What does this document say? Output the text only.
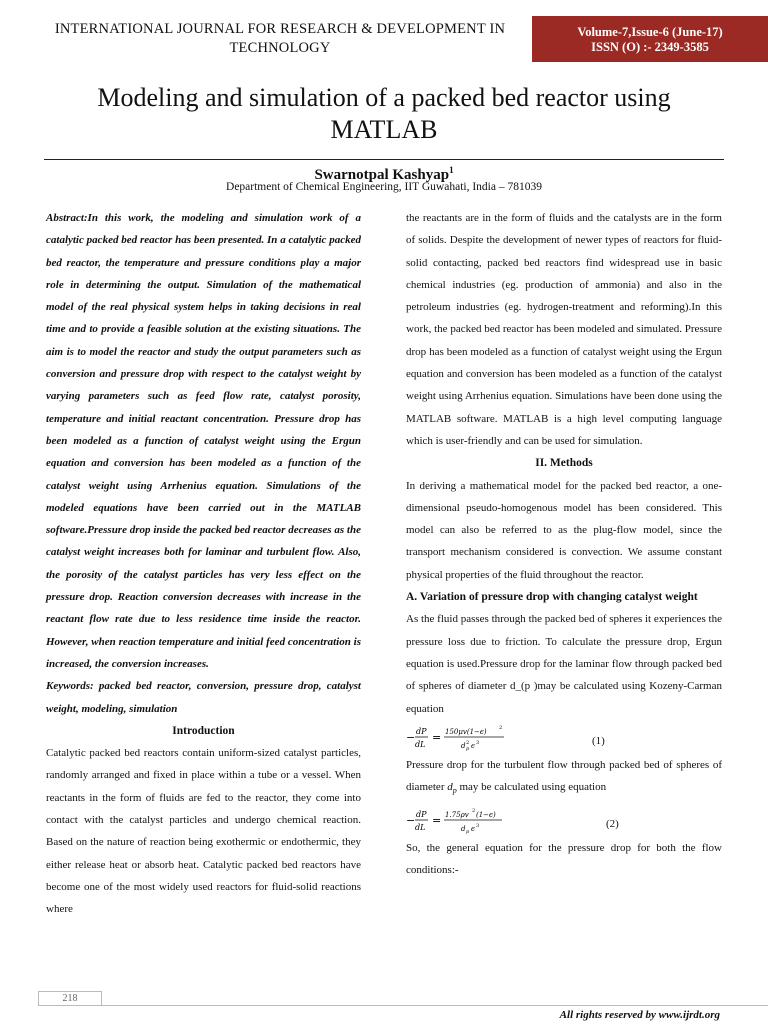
INTERNATIONAL JOURNAL FOR RESEARCH & DEVELOPMENT IN
TECHNOLOGY
Volume-7,Issue-6 (June-17)
ISSN (O) :- 2349-3585
Modeling and simulation of a packed bed reactor using
MATLAB
Swarnotpal Kashyap$^1$
Department of Chemical Engineering, IIT Guwahati, India – 781039

Abstract:In this work, the modeling and simulation work of a catalytic packed bed reactor has been presented. In a catalytic packed bed reactor, the temperature and pressure conditions play a major role in determining the output. Simulation of the mathematical model of the real physical system helps in taking decisions in real time and to provide a feasible solution at the existing situations. The aim is to model the reactor and study the output parameters such as conversion and pressure drop with respect to the catalyst weight by varying parameters such as feed flow rate, catalyst porosity, temperature and initial reactant concentration. Pressure drop has been modeled as a function of catalyst weight using the Ergun equation and conversion has been modeled as a function of the catalyst weight using Arrhenius equation. Simulations of the modeled equations have been carried out in the MATLAB software.Pressure drop inside the packed bed reactor decreases as the catalyst weight increases both for laminar and turbulent flow. Also, the porosity of the catalyst particles has very less effect on the pressure drop. Reaction conversion decreases with increase in the reactant flow rate due to less residence time inside the reactor. However, when reaction temperature and initial feed concentration is increased, the conversion increases.

Keywords: packed bed reactor, conversion, pressure drop, catalyst weight, modeling, simulation

Introduction

Catalytic packed bed reactors contain uniform-sized catalyst particles, randomly arranged and fixed in place within a tube or a vessel. When reactants in the form of fluids are fed to the reactor, they come into contact with the catalyst particles and undergo chemical reaction. Based on the nature of reaction being exothermic or endothermic, they either release heat or absorb heat. Catalytic packed bed reactors have become one of the most widely used reactors for fluid-solid reactions where

the reactants are in the form of fluids and the catalysts are in the form of solids. Despite the development of newer types of reactors for fluid-solid contacting, packed bed reactors find widespread use in basic chemical industries (eg. production of ammonia) and also in the petroleum industries (eg. hydrogen-treatment and reforming).In this work, the packed bed reactor has been modeled and simulated. Pressure drop has been modeled as a function of catalyst weight using the Ergun equation and conversion has been modeled as a function of the catalyst weight using Arrhenius equation. Simulations have been done using the MATLAB software. MATLAB is a high level computing language which is user-friendly and can be used for simulation.

II. Methods

In deriving a mathematical model for the packed bed reactor, a one-dimensional pseudo-homogenous model has been considered. This model can also be referred to as the plug-flow model, since the transport mechanism considered is convection. We assume constant physical properties of the fluid throughout the reactor.

A. Variation of pressure drop with changing catalyst weight

As the fluid passes through the packed bed of spheres it experiences the pressure loss due to friction. To calculate the pressure drop, Ergun equation is used.Pressure drop for the laminar flow through packed bed of spheres of diameter d_(p )may be calculated using Kozeny-Carman equation

− dP
dL
= 150μv(1−ϵ) 2
d p
2 ϵ 3	(1)

Pressure drop for the turbulent flow through packed bed of spheres of diameter $d_p$ may be calculated using equation

− dP
dL
= 1.75ρv 2 (1−ϵ)
d p ϵ 3	(2)

So, the general equation for the pressure drop for both the flow conditions:-

218
All rights reserved by www.ijrdt.org
